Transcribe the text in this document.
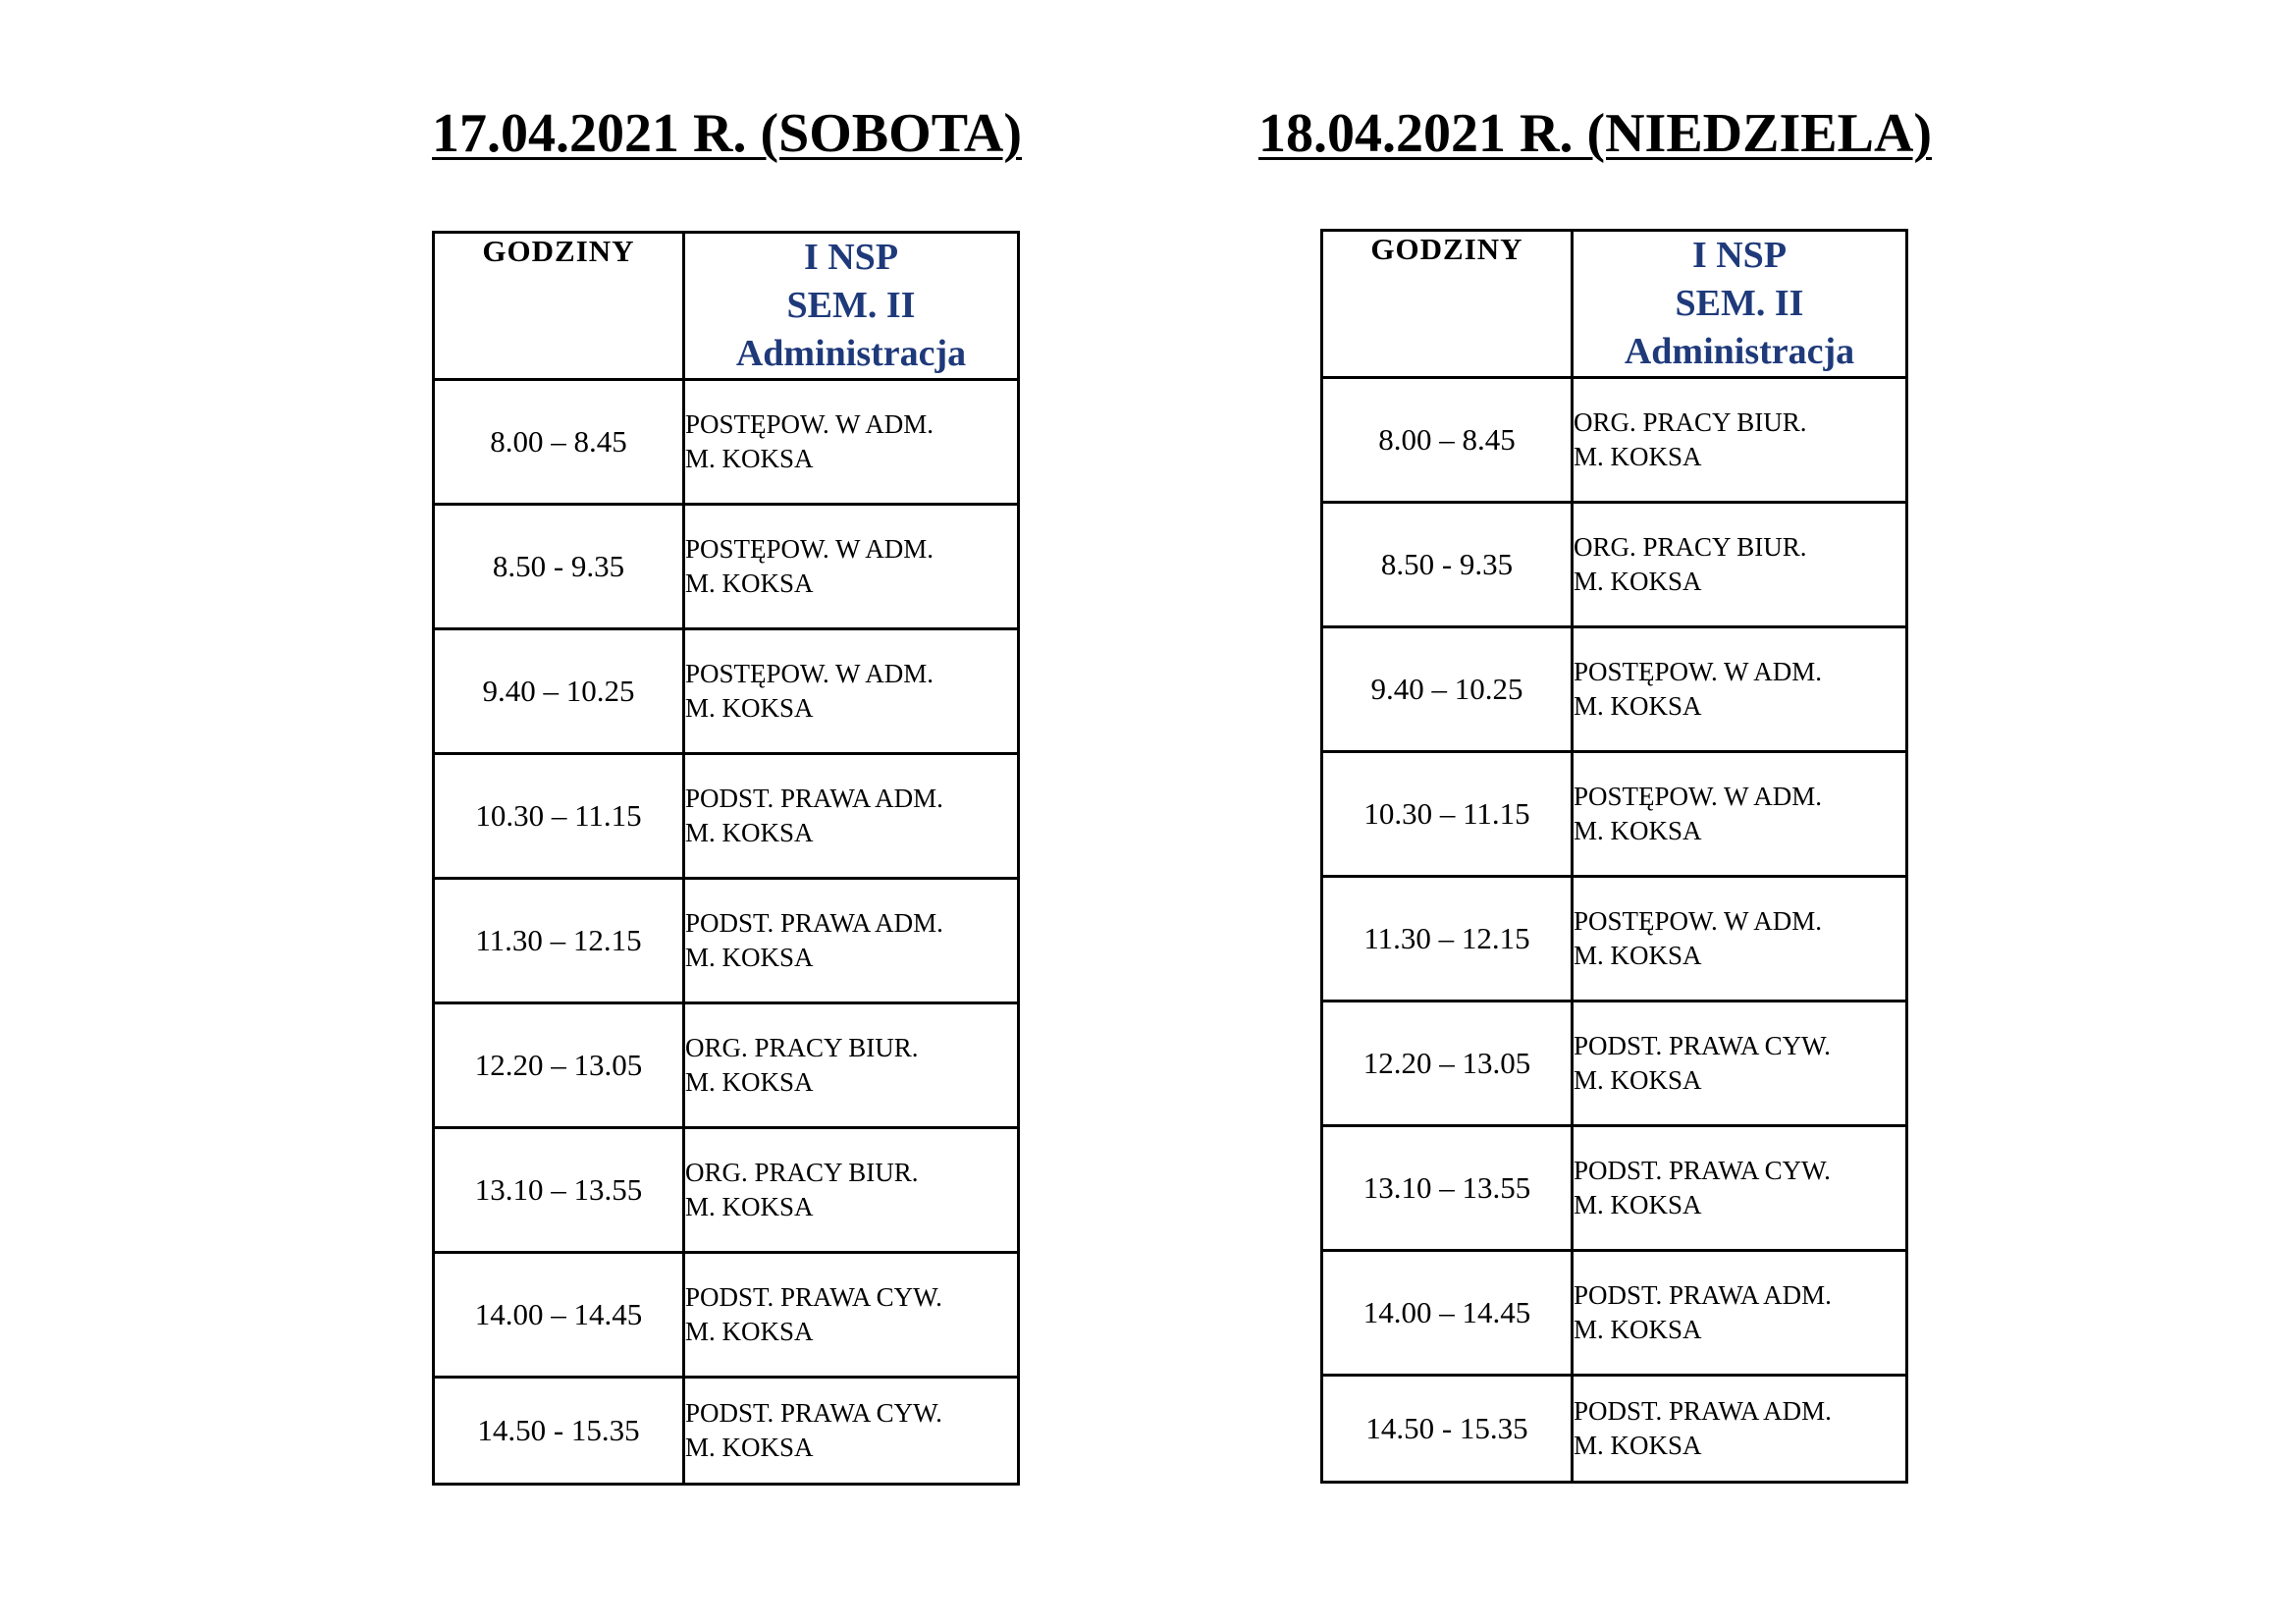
17.04.2021 R. (SOBOTA)
GODZINY	I NSP
SEM. II
Administracja

8.00 – 8.45	POSTĘPOW. W ADM.
M. KOKSA

8.50 - 9.35	POSTĘPOW. W ADM.
M. KOKSA

9.40 – 10.25	POSTĘPOW. W ADM.
M. KOKSA

10.30 – 11.15	PODST. PRAWA ADM.
M. KOKSA

11.30 – 12.15	PODST. PRAWA ADM.
M. KOKSA

12.20 – 13.05	ORG. PRACY BIUR.
M. KOKSA

13.10 – 13.55	ORG. PRACY BIUR.
M. KOKSA

14.00 – 14.45	PODST. PRAWA CYW.
M. KOKSA

14.50 - 15.35	PODST. PRAWA CYW.
M. KOKSA
18.04.2021 R. (NIEDZIELA)
GODZINY	I NSP
SEM. II
Administracja

8.00 – 8.45	ORG. PRACY BIUR.
M. KOKSA

8.50 - 9.35	ORG. PRACY BIUR.
M. KOKSA

9.40 – 10.25	POSTĘPOW. W ADM.
M. KOKSA

10.30 – 11.15	POSTĘPOW. W ADM.
M. KOKSA

11.30 – 12.15	POSTĘPOW. W ADM.
M. KOKSA

12.20 – 13.05	PODST. PRAWA CYW.
M. KOKSA

13.10 – 13.55	PODST. PRAWA CYW.
M. KOKSA

14.00 – 14.45	PODST. PRAWA ADM.
M. KOKSA

14.50 - 15.35	PODST. PRAWA ADM.
M. KOKSA
